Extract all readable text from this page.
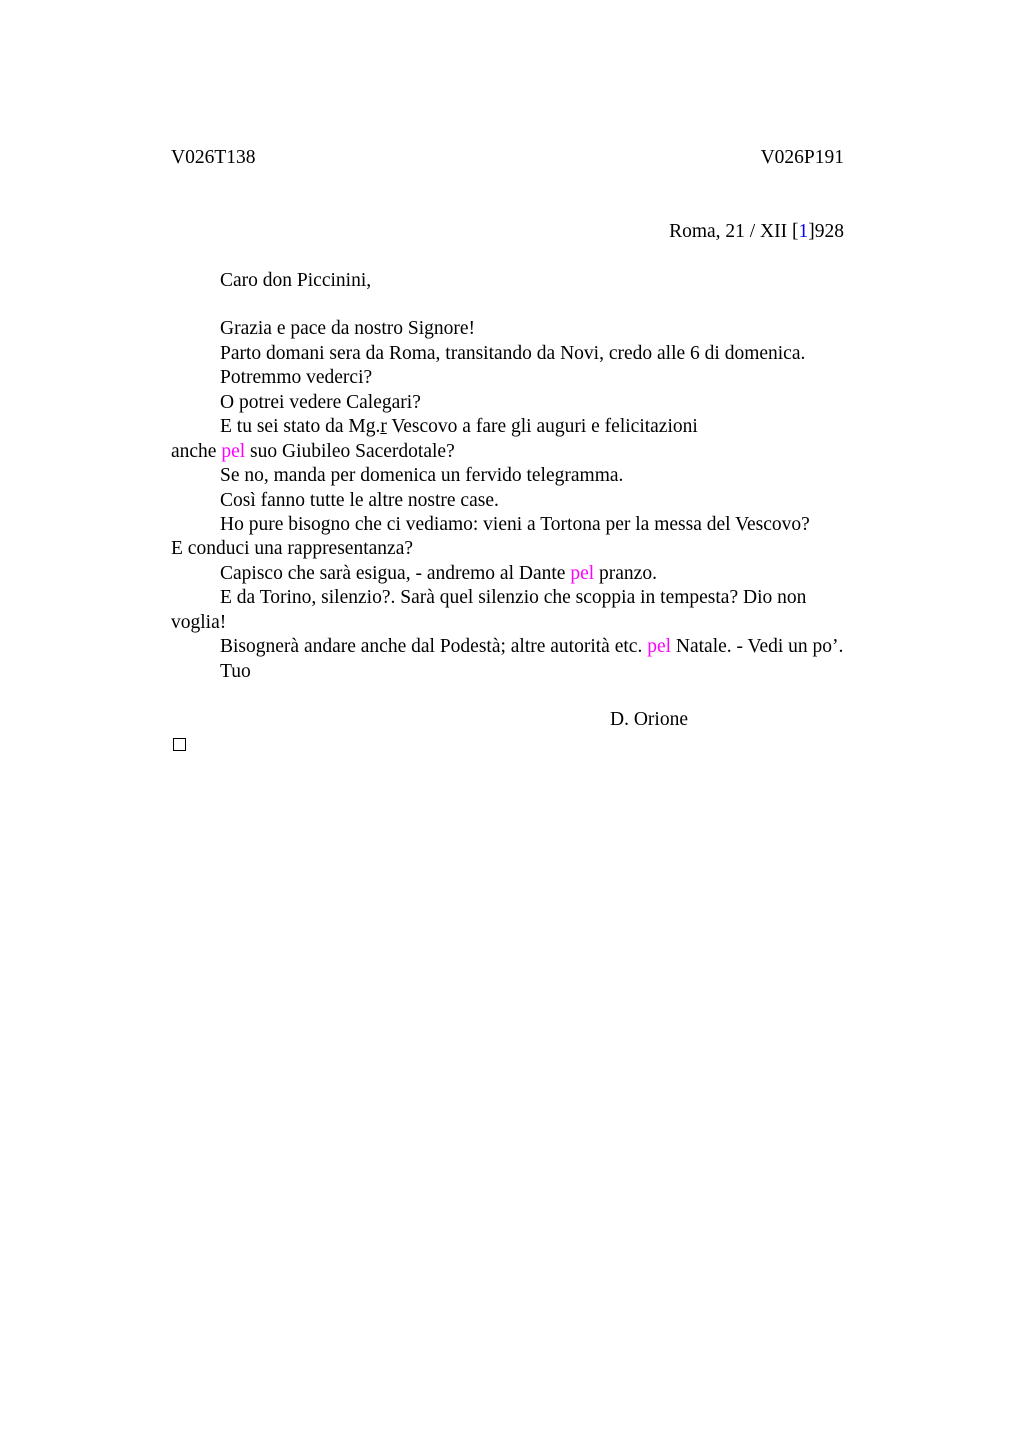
V026T138	V026P191
Roma, 21 / XII [1]928
Caro don Piccinini,
Grazia e pace da nostro Signore!
Parto domani sera da Roma, transitando da Novi, credo alle 6 di domenica.
Potremmo vederci?
O potrei vedere Calegari?
E tu sei stato da Mg.r Vescovo a fare gli auguri e felicitazioni
anche pel suo Giubileo Sacerdotale?
Se no, manda per domenica un fervido telegramma.
Così fanno tutte le altre nostre case.
Ho pure bisogno che ci vediamo: vieni a Tortona per la messa del Vescovo?
E conduci una rappresentanza?
Capisco che sarà esigua, - andremo al Dante pel pranzo.
E da Torino, silenzio?. Sarà quel silenzio che scoppia in tempesta? Dio non
voglia!
Bisognerà andare anche dal Podestà; altre autorità etc. pel Natale. - Vedi un po’.
Tuo
D. Orione
